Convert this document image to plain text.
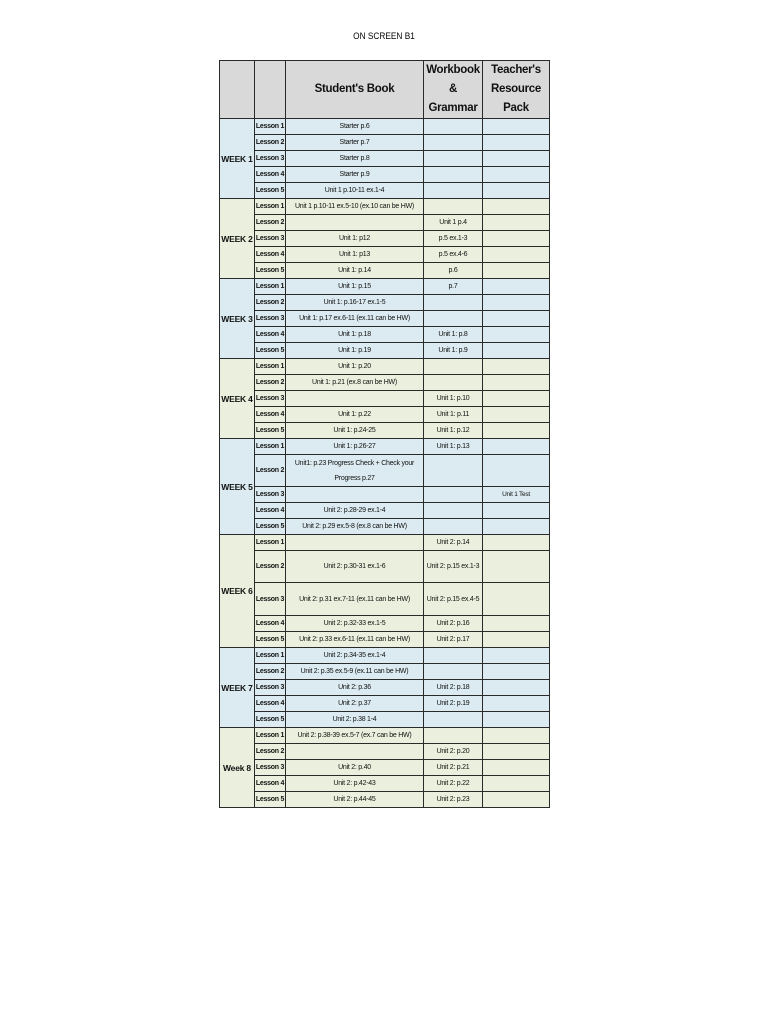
ON SCREEN B1
		Student's Book	Workbook & Grammar	Teacher's Resource Pack
WEEK 1	Lesson 1	Starter p.6		
	Lesson 2	Starter p.7		
	Lesson 3	Starter p.8		
	Lesson 4	Starter p.9		
	Lesson 5	Unit 1 p.10-11 ex.1-4		
WEEK 2	Lesson 1	Unit 1 p.10-11 ex.5-10 (ex.10 can be HW)		
	Lesson 2		Unit 1 p.4	
	Lesson 3	Unit 1: p12	p.5 ex.1-3	
	Lesson 4	Unit 1: p13	p.5 ex.4-6	
	Lesson 5	Unit 1: p.14	p.6	
WEEK 3	Lesson 1	Unit 1: p.15	p.7	
	Lesson 2	Unit 1: p.16-17 ex.1-5		
	Lesson 3	Unit 1: p.17 ex.6-11 (ex.11 can be HW)		
	Lesson 4	Unit 1: p.18	Unit 1: p.8	
	Lesson 5	Unit 1: p.19	Unit 1: p.9	
WEEK 4	Lesson 1	Unit 1: p.20		
	Lesson 2	Unit 1: p.21 (ex.8 can be HW)		
	Lesson 3		Unit 1: p.10	
	Lesson 4	Unit 1: p.22	Unit 1: p.11	
	Lesson 5	Unit 1: p.24-25	Unit 1: p.12	
WEEK 5	Lesson 1	Unit 1: p.26-27	Unit 1: p.13	
	Lesson 2	Unit1: p.23 Progress Check + Check your Progress p.27		
	Lesson 3			Unit 1 Test
	Lesson 4	Unit 2: p.28-29 ex.1-4		
	Lesson 5	Unit 2: p.29 ex.5-8 (ex.8 can be HW)		
WEEK 6	Lesson 1		Unit 2: p.14	
	Lesson 2	Unit 2: p.30-31 ex.1-6	Unit 2: p.15 ex.1-3	
	Lesson 3	Unit 2: p.31 ex.7-11 (ex.11 can be HW)	Unit 2: p.15 ex.4-5	
	Lesson 4	Unit 2: p.32-33 ex.1-5	Unit 2: p.16	
	Lesson 5	Unit 2: p.33 ex.6-11 (ex.11 can be HW)	Unit 2: p.17	
WEEK 7	Lesson 1	Unit 2: p.34-35 ex.1-4		
	Lesson 2	Unit 2: p.35 ex.5-9 (ex.11 can be HW)		
	Lesson 3	Unit 2: p.36	Unit 2: p.18	
	Lesson 4	Unit 2: p.37	Unit 2: p.19	
	Lesson 5	Unit 2: p.38 1-4		
Week 8	Lesson 1	Unit 2: p.38-39 ex.5-7 (ex.7 can be HW)		
	Lesson 2		Unit 2: p.20	
	Lesson 3	Unit 2: p.40	Unit 2: p.21	
	Lesson 4	Unit 2: p.42-43	Unit 2: p.22	
	Lesson 5	Unit 2: p.44-45	Unit 2: p.23	
